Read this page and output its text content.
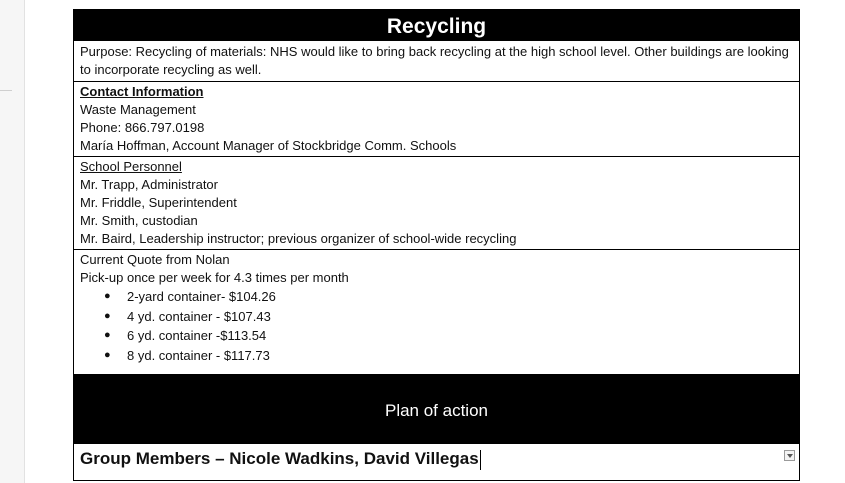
Recycling
Purpose: Recycling of materials: NHS would like to bring back recycling at the high school level. Other buildings are looking to incorporate recycling as well.
Contact Information
Waste Management
Phone: 866.797.0198
María Hoffman, Account Manager of Stockbridge Comm. Schools
School Personnel
Mr. Trapp, Administrator
Mr. Friddle, Superintendent
Mr. Smith, custodian
Mr. Baird, Leadership instructor; previous organizer of school-wide recycling
Current Quote from Nolan
Pick-up once per week for 4.3 times per month
● 2-yard container- $104.26
● 4 yd. container - $107.43
● 6 yd. container -$113.54
● 8 yd. container - $117.73
Plan of action
Group Members – Nicole Wadkins, David Villegas
